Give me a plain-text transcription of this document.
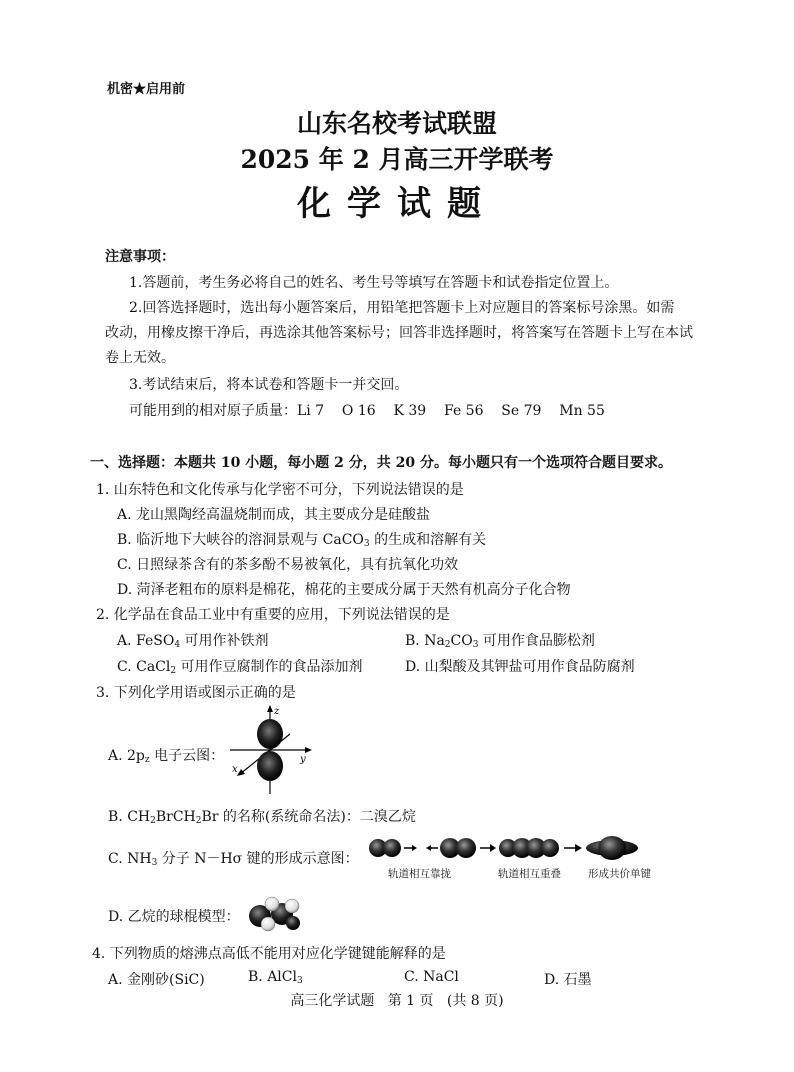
机密★启用前
山东名校考试联盟
2025 年 2 月高三开学联考
化学试题
注意事项：
1.答题前，考生务必将自己的姓名、考生号等填写在答题卡和试卷指定位置上。
2.回答选择题时，选出每小题答案后，用铅笔把答题卡上对应题目的答案标号涂黑。如需
改动，用橡皮擦干净后，再选涂其他答案标号；回答非选择题时，将答案写在答题卡上写在本试
卷上无效。
3.考试结束后，将本试卷和答题卡一并交回。
可能用到的相对原子质量：Li 7    O 16    K 39    Fe 56    Se 79    Mn 55
一、选择题：本题共 10 小题，每小题 2 分，共 20 分。每小题只有一个选项符合题目要求。
1. 山东特色和文化传承与化学密不可分，下列说法错误的是
A. 龙山黑陶经高温烧制而成，其主要成分是硅酸盐
B. 临沂地下大峡谷的溶洞景观与 CaCO$_3$ 的生成和溶解有关
C. 日照绿茶含有的茶多酚不易被氧化，具有抗氧化功效
D. 菏泽老粗布的原料是棉花，棉花的主要成分属于天然有机高分子化合物
2. 化学品在食品工业中有重要的应用，下列说法错误的是
A. FeSO$_4$ 可用作补铁剂	B. $Na_2CO_3$ 可用作食品膨松剂
C. CaCl$_2$ 可用作豆腐制作的食品添加剂	D. 山梨酸及其钾盐可用作食品防腐剂
3. 下列化学用语或图示正确的是
A. $2p_z$ 电子云图：
z
y
x
B. $CH_2BrCH_2Br$ 的名称(系统命名法)：二溴乙烷
C. $NH_3$ 分子 N－Hσ 键的形成示意图：
轨道相互靠拢	轨道相互重叠	形成共价单键
D. 乙烷的球棍模型：
4. 下列物质的熔沸点高低不能用对应化学键键能解释的是
A. 金刚砂(SiC)	B. AlCl$_3$	C. NaCl	D. 石墨
高三化学试题   第 1 页   (共 8 页)
